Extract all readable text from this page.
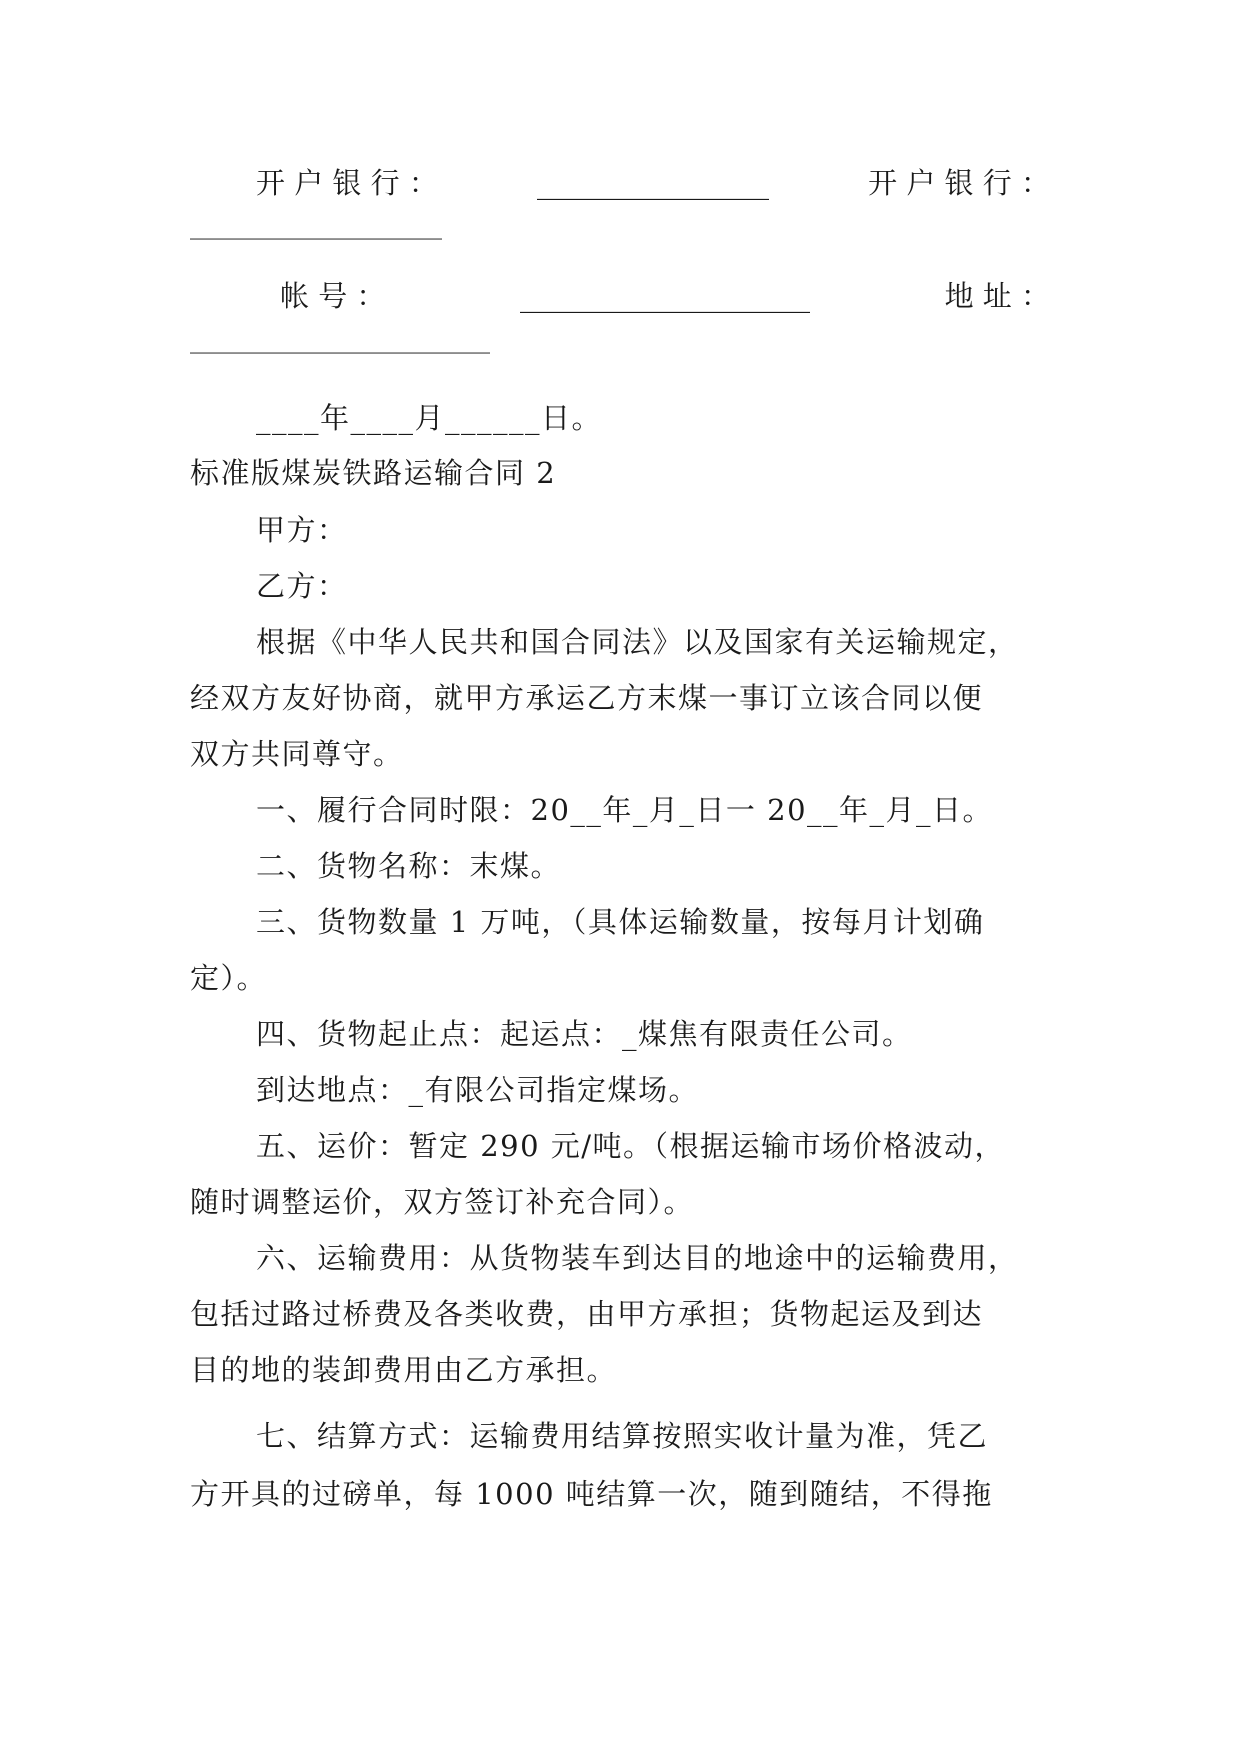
开 户 银 行 ：	________________	开 户 银 行 ：
_____________________
帐 号 ：	____________________	地 址 ：
_________________________
____年____月______日。
标准版煤炭铁路运输合同 2
甲方：
乙方：
根据《中华人民共和国合同法》以及国家有关运输规定，
经双方友好协商，就甲方承运乙方末煤一事订立该合同以便
双方共同尊守。
一、履行合同时限：20__年_月_日一 20__年_月_日。
二、货物名称：末煤。
三、货物数量 1 万吨，（具体运输数量，按每月计划确
定）。
四、货物起止点：起运点：_煤焦有限责任公司。
到达地点：_有限公司指定煤场。
五、运价：暂定 290 元/吨。（根据运输市场价格波动，
随时调整运价，双方签订补充合同）。
六、运输费用：从货物装车到达目的地途中的运输费用，
包括过路过桥费及各类收费，由甲方承担；货物起运及到达
目的地的装卸费用由乙方承担。
七、结算方式：运输费用结算按照实收计量为准，凭乙
方开具的过磅单，每 1000 吨结算一次，随到随结，不得拖
